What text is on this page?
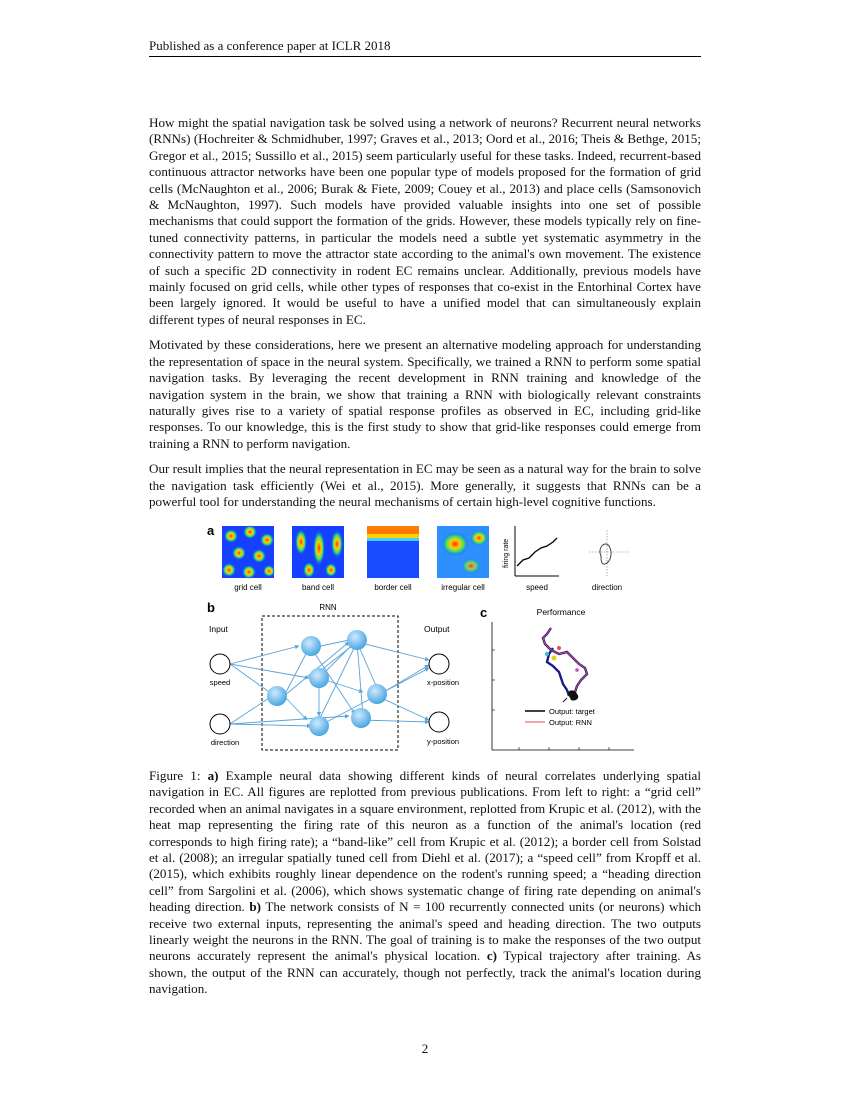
Published as a conference paper at ICLR 2018

How might the spatial navigation task be solved using a network of neurons? Recurrent neural networks (RNNs) (Hochreiter & Schmidhuber, 1997; Graves et al., 2013; Oord et al., 2016; Theis & Bethge, 2015; Gregor et al., 2015; Sussillo et al., 2015) seem particularly useful for these tasks. Indeed, recurrent-based continuous attractor networks have been one popular type of models proposed for the formation of grid cells (McNaughton et al., 2006; Burak & Fiete, 2009; Couey et al., 2013) and place cells (Samsonovich & McNaughton, 1997). Such models have provided valuable insights into one set of possible mechanisms that could support the formation of the grids. However, these models typically rely on fine-tuned connectivity patterns, in particular the models need a subtle yet systematic asymmetry in the connectivity pattern to move the attractor state according to the animal's own movement. The existence of such a specific 2D connectivity in rodent EC remains unclear. Additionally, previous models have mainly focused on grid cells, while other types of responses that co-exist in the Entorhinal Cortex have been largely ignored. It would be useful to have a unified model that can simultaneously explain different types of neural responses in EC.

Motivated by these considerations, here we present an alternative modeling approach for understanding the representation of space in the neural system. Specifically, we trained a RNN to perform some spatial navigation tasks. By leveraging the recent development in RNN training and knowledge of the navigation system in the brain, we show that training a RNN with biologically relevant constraints naturally gives rise to a variety of spatial response profiles as observed in EC, including grid-like responses. To our knowledge, this is the first study to show that grid-like responses could emerge from training a RNN to perform navigation.

Our result implies that the neural representation in EC may be seen as a natural way for the brain to solve the navigation task efficiently (Wei et al., 2015). More generally, it suggests that RNNs can be a powerful tool for understanding the neural mechanisms of certain high-level cognitive functions.

a
grid cell	band cell	border cell	irregular cell
firing rate
speed	direction
b	RNN
Input	Output
speed
direction
x-position
y-position
c	Performance
Output: target
Output: RNN
Figure 1: a) Example neural data showing different kinds of neural correlates underlying spatial navigation in EC. All figures are replotted from previous publications. From left to right: a “grid cell” recorded when an animal navigates in a square environment, replotted from Krupic et al. (2012), with the heat map representing the firing rate of this neuron as a function of the animal's location (red corresponds to high firing rate); a “band-like” cell from Krupic et al. (2012); a border cell from Solstad et al. (2008); an irregular spatially tuned cell from Diehl et al. (2017); a “speed cell” from Kropff et al. (2015), which exhibits roughly linear dependence on the rodent's running speed; a “heading direction cell” from Sargolini et al. (2006), which shows systematic change of firing rate depending on animal's heading direction. b) The network consists of N = 100 recurrently connected units (or neurons) which receive two external inputs, representing the animal's speed and heading direction. The two outputs linearly weight the neurons in the RNN. The goal of training is to make the responses of the two output neurons accurately represent the animal's physical location. c) Typical trajectory after training. As shown, the output of the RNN can accurately, though not perfectly, track the animal's location during navigation.
2
